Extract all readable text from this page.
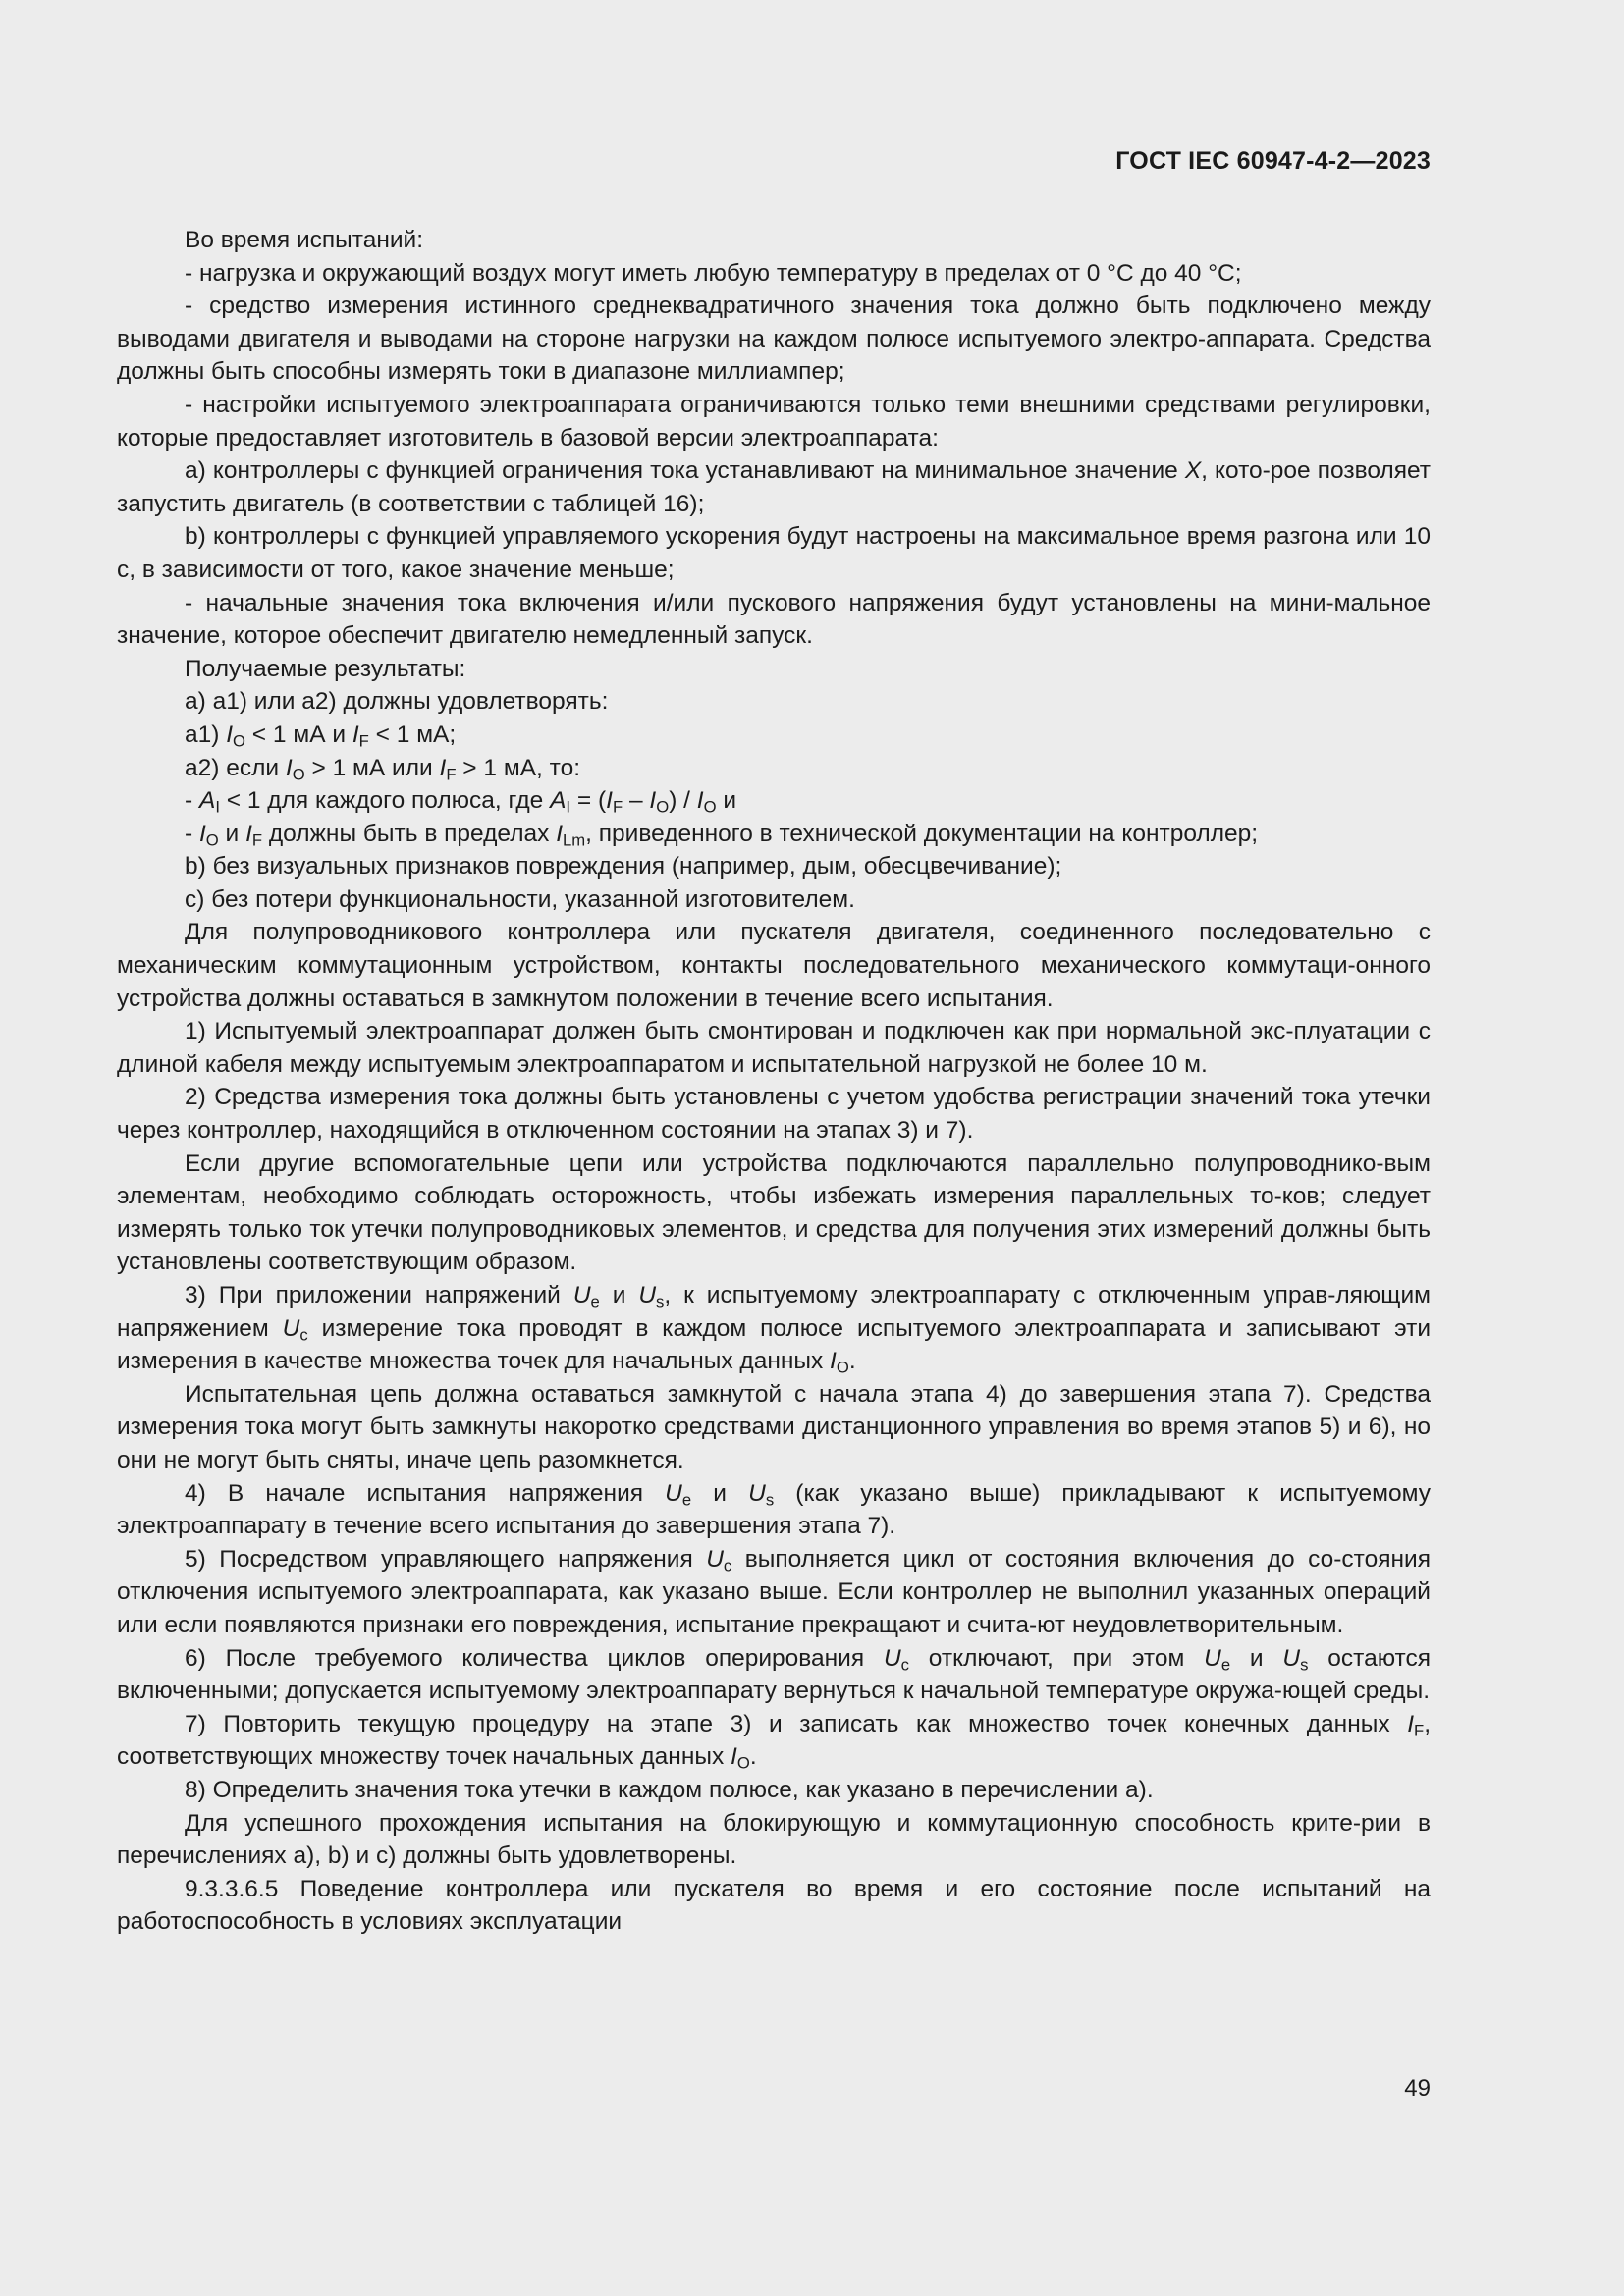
ГОСТ IEC 60947-4-2—2023

Во время испытаний:

- нагрузка и окружающий воздух могут иметь любую температуру в пределах от 0 °С до 40 °С;

- средство измерения истинного среднеквадратичного значения тока должно быть подключено между выводами двигателя и выводами на стороне нагрузки на каждом полюсе испытуемого электро-аппарата. Средства должны быть способны измерять токи в диапазоне миллиампер;

- настройки испытуемого электроаппарата ограничиваются только теми внешними средствами регулировки, которые предоставляет изготовитель в базовой версии электроаппарата:

а) контроллеры с функцией ограничения тока устанавливают на минимальное значение X, кото-рое позволяет запустить двигатель (в соответствии с таблицей 16);

b) контроллеры с функцией управляемого ускорения будут настроены на максимальное время разгона или 10 с, в зависимости от того, какое значение меньше;

- начальные значения тока включения и/или пускового напряжения будут установлены на мини-мальное значение, которое обеспечит двигателю немедленный запуск.

Получаемые результаты:

а) а1) или а2) должны удовлетворять:

а1) $I_O < 1$ мА и $I_F < 1$ мА;

а2) если $I_O > 1$ мА или $I_F > 1$ мА, то:

- $A_I < 1$ для каждого полюса, где $A_I = (I_F - I_O) / I_O$ и

- $I_O$ и $I_F$ должны быть в пределах $I_{Lm}$, приведенного в технической документации на контроллер;

b) без визуальных признаков повреждения (например, дым, обесцвечивание);

с) без потери функциональности, указанной изготовителем.

Для полупроводникового контроллера или пускателя двигателя, соединенного последовательно с механическим коммутационным устройством, контакты последовательного механического коммутаци-онного устройства должны оставаться в замкнутом положении в течение всего испытания.

1) Испытуемый электроаппарат должен быть смонтирован и подключен как при нормальной экс-плуатации с длиной кабеля между испытуемым электроаппаратом и испытательной нагрузкой не более 10 м.

2) Средства измерения тока должны быть установлены с учетом удобства регистрации значений тока утечки через контроллер, находящийся в отключенном состоянии на этапах 3) и 7).

Если другие вспомогательные цепи или устройства подключаются параллельно полупроводнико-вым элементам, необходимо соблюдать осторожность, чтобы избежать измерения параллельных то-ков; следует измерять только ток утечки полупроводниковых элементов, и средства для получения этих измерений должны быть установлены соответствующим образом.

3) При приложении напряжений $U_e$ и $U_s$, к испытуемому электроаппарату с отключенным управ-ляющим напряжением $U_c$ измерение тока проводят в каждом полюсе испытуемого электроаппарата и записывают эти измерения в качестве множества точек для начальных данных $I_O$.

Испытательная цепь должна оставаться замкнутой с начала этапа 4) до завершения этапа 7). Средства измерения тока могут быть замкнуты накоротко средствами дистанционного управления во время этапов 5) и 6), но они не могут быть сняты, иначе цепь разомкнется.

4) В начале испытания напряжения $U_e$ и $U_s$ (как указано выше) прикладывают к испытуемому электроаппарату в течение всего испытания до завершения этапа 7).

5) Посредством управляющего напряжения $U_c$ выполняется цикл от состояния включения до со-стояния отключения испытуемого электроаппарата, как указано выше. Если контроллер не выполнил указанных операций или если появляются признаки его повреждения, испытание прекращают и счита-ют неудовлетворительным.

6) После требуемого количества циклов оперирования $U_c$ отключают, при этом $U_e$ и $U_s$ остаются включенными; допускается испытуемому электроаппарату вернуться к начальной температуре окружа-ющей среды.

7) Повторить текущую процедуру на этапе 3) и записать как множество точек конечных данных $I_F$, соответствующих множеству точек начальных данных $I_O$.

8) Определить значения тока утечки в каждом полюсе, как указано в перечислении а).

Для успешного прохождения испытания на блокирующую и коммутационную способность крите-рии в перечислениях а), b) и с) должны быть удовлетворены.

9.3.3.6.5 Поведение контроллера или пускателя во время и его состояние после испытаний на работоспособность в условиях эксплуатации

49
